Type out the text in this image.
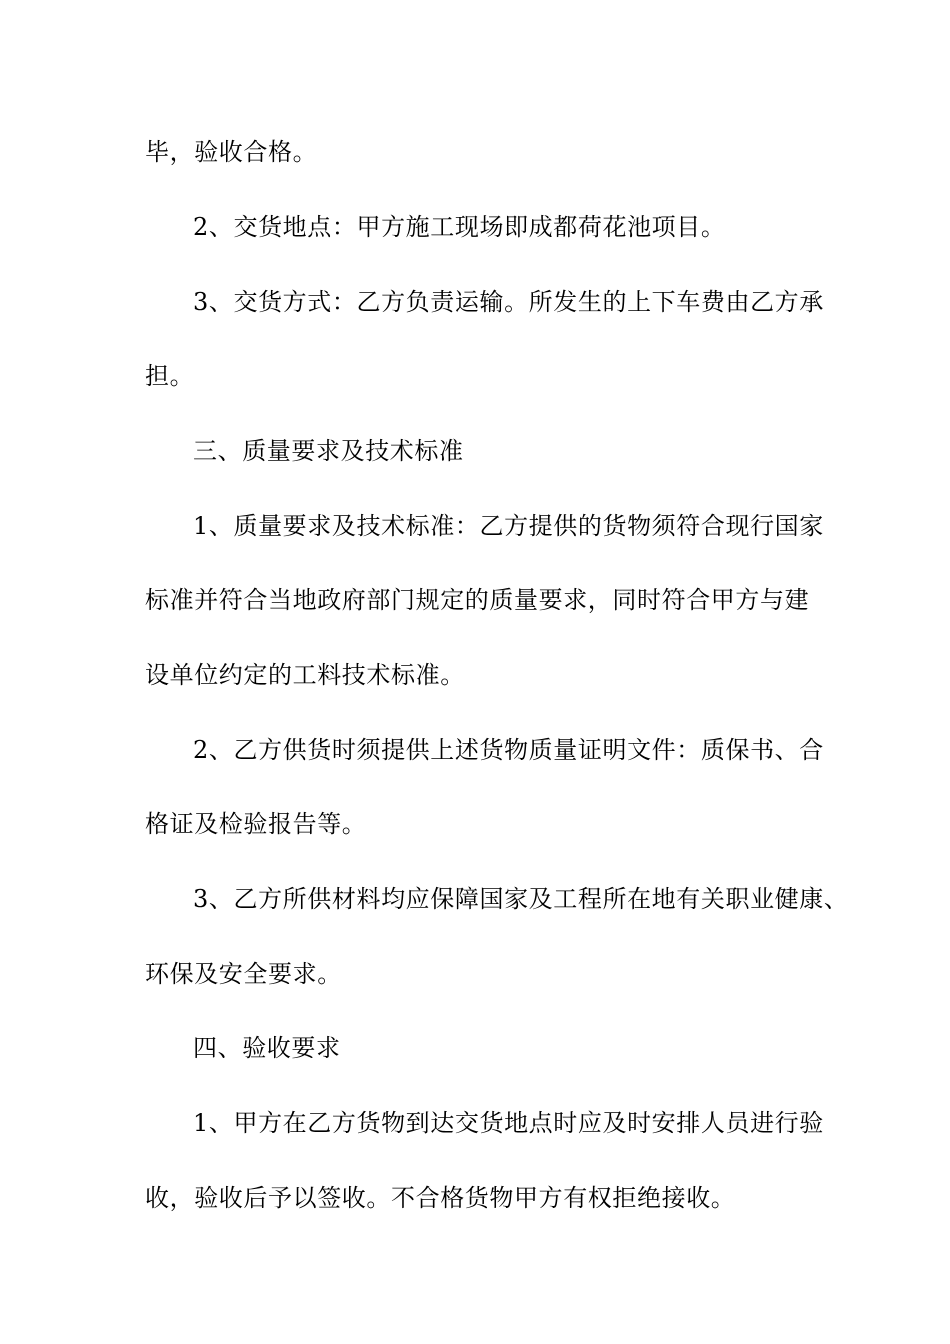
毕，验收合格。
2、交货地点：甲方施工现场即成都荷花池项目。
3、交货方式：乙方负责运输。所发生的上下车费由乙方承
担。
三、质量要求及技术标准
1、质量要求及技术标准：乙方提供的货物须符合现行国家
标准并符合当地政府部门规定的质量要求，同时符合甲方与建
设单位约定的工料技术标准。
2、乙方供货时须提供上述货物质量证明文件：质保书、合
格证及检验报告等。
3、乙方所供材料均应保障国家及工程所在地有关职业健康、
环保及安全要求。
四、验收要求
1、甲方在乙方货物到达交货地点时应及时安排人员进行验
收，验收后予以签收。不合格货物甲方有权拒绝接收。
